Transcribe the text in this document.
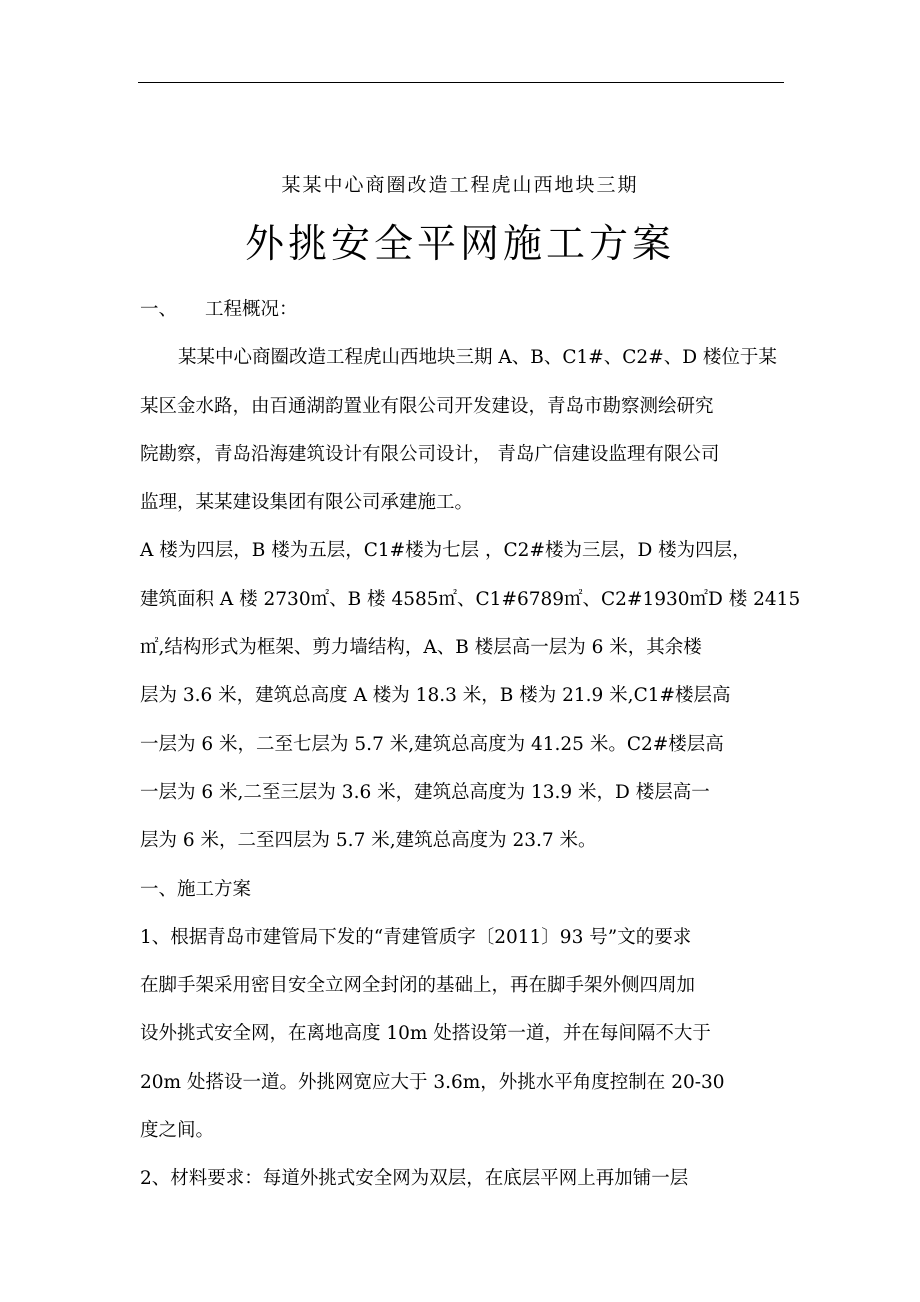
某某中心商圈改造工程虎山西地块三期
外挑安全平网施工方案
一、 工程概况：
某某中心商圈改造工程虎山西地块三期 A、B、C1#、C2#、D 楼位于某
某区金水路，由百通湖韵置业有限公司开发建设，青岛市勘察测绘研究
院勘察，青岛沿海建筑设计有限公司设计， 青岛广信建设监理有限公司
监理，某某建设集团有限公司承建施工。
A 楼为四层，B 楼为五层，C1#楼为七层 ，C2#楼为三层，D 楼为四层，
建筑面积 A 楼 2730㎡、B 楼 4585㎡、C1#6789㎡、C2#1930㎡D 楼 2415
㎡,结构形式为框架、剪力墙结构，A、B 楼层高一层为 6 米，其余楼
层为 3.6 米，建筑总高度 A 楼为 18.3 米，B 楼为 21.9 米,C1#楼层高
一层为 6 米，二至七层为 5.7 米,建筑总高度为 41.25 米。C2#楼层高
一层为 6 米,二至三层为 3.6 米，建筑总高度为 13.9 米，D 楼层高一
层为 6 米，二至四层为 5.7 米,建筑总高度为 23.7 米。
一、施工方案
1、根据青岛市建管局下发的“青建管质字〔2011〕93 号”文的要求
在脚手架采用密目安全立网全封闭的基础上，再在脚手架外侧四周加
设外挑式安全网，在离地高度 10m 处搭设第一道，并在每间隔不大于
20m 处搭设一道。外挑网宽应大于 3.6m，外挑水平角度控制在 20-30
度之间。
2、材料要求：每道外挑式安全网为双层，在底层平网上再加铺一层
